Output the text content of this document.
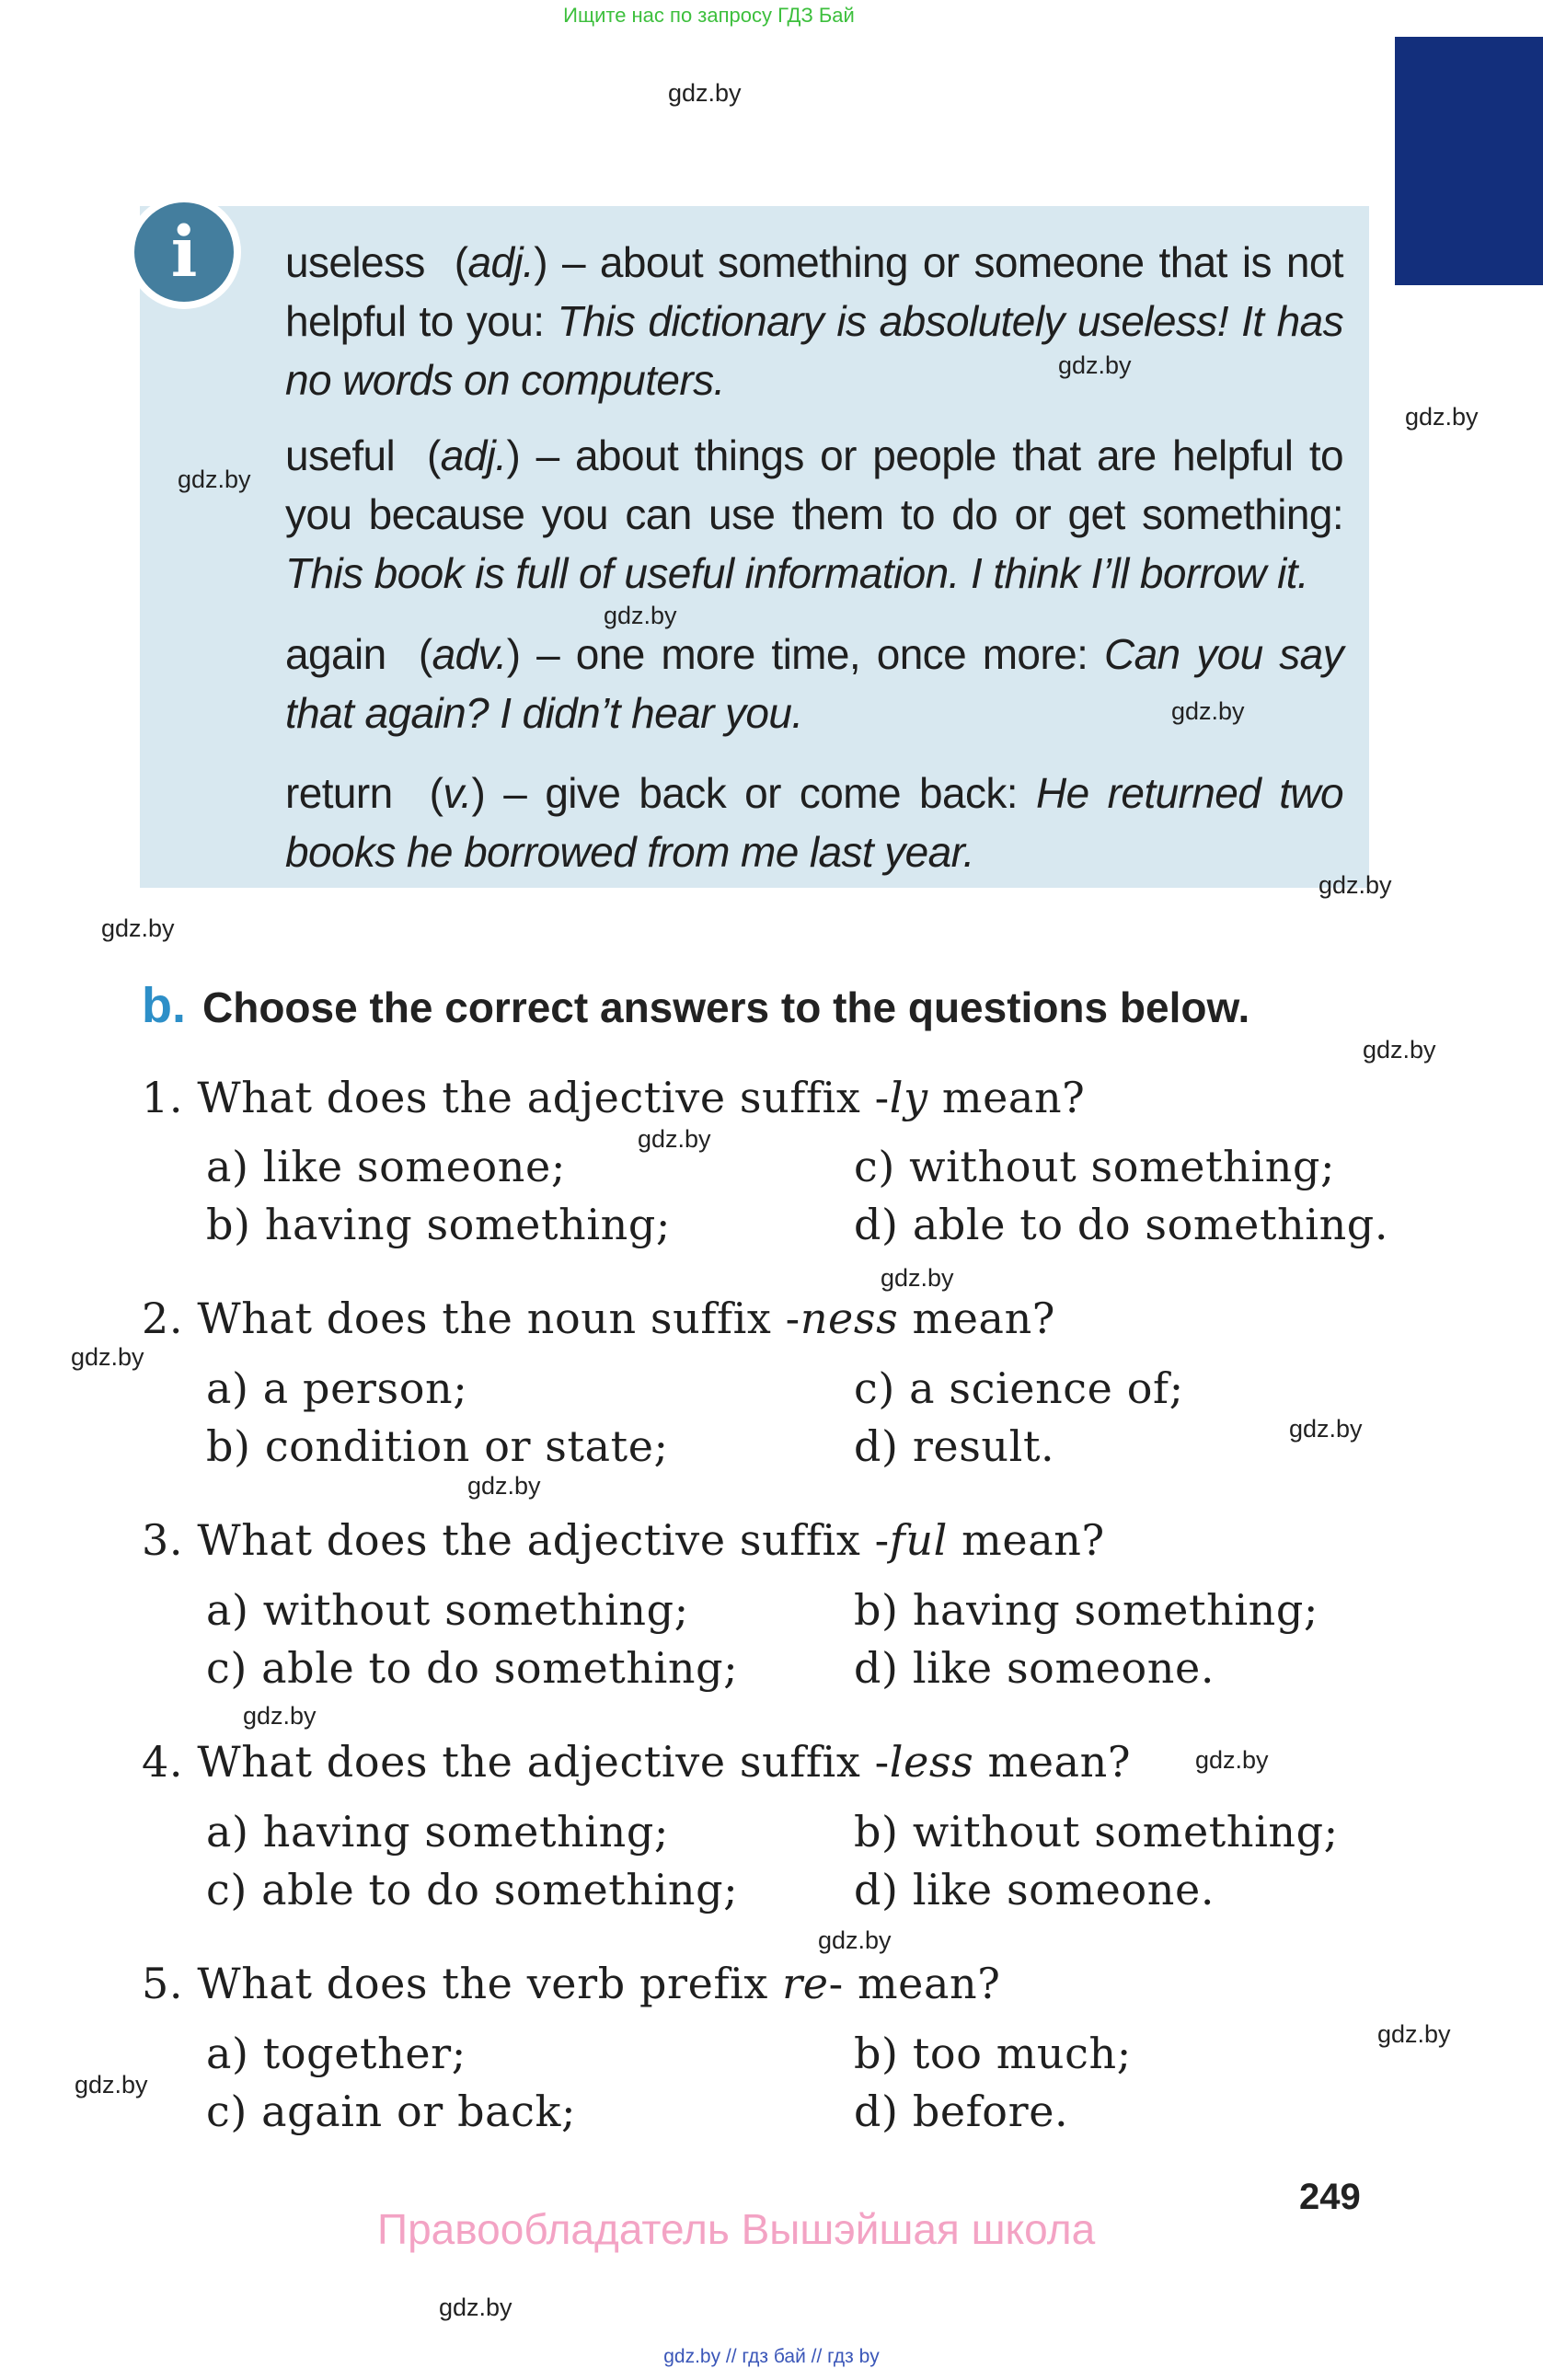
Ищите нас по запросу ГДЗ Бай
gdz.by
gdz.by
i	useless  (adj.) – about something or someone that is not helpful to you: This dictionary is absolutely useless! It has no words on computers.
useful  (adj.) – about things or people that are helpful to you because you can use them to do or get something: This book is full of useful information. I think I’ll borrow it.
again  (adv.) – one more time, once more: Can you say that again? I didn’t hear you.
return  (v.) – give back or come back: He returned two books he borrowed from me last year.
gdz.by
gdz.by
gdz.by
gdz.by
gdz.by
gdz.by
b. Choose the correct answers to the questions below.
gdz.by
1. What does the adjective suffix -ly mean?
a) like someone;	c) without something;
b) having something;	d) able to do something.
gdz.by
gdz.by
2. What does the noun suffix -ness mean?
a) a person;	c) a science of;
b) condition or state;	d) result.
gdz.by
gdz.by
gdz.by
3. What does the adjective suffix -ful mean?
a) without something;	b) having something;
c) able to do something;	d) like someone.
gdz.by
4. What does the adjective suffix -less mean?
a) having something;	b) without something;
c) able to do something;	d) like someone.
gdz.by
gdz.by
5. What does the verb prefix re- mean?
a) together;	b) too much;
c) again or back;	d) before.
gdz.by
gdz.by
249
Правообладатель Вышэйшая школа
gdz.by
gdz.by // гдз бай // гдз by
